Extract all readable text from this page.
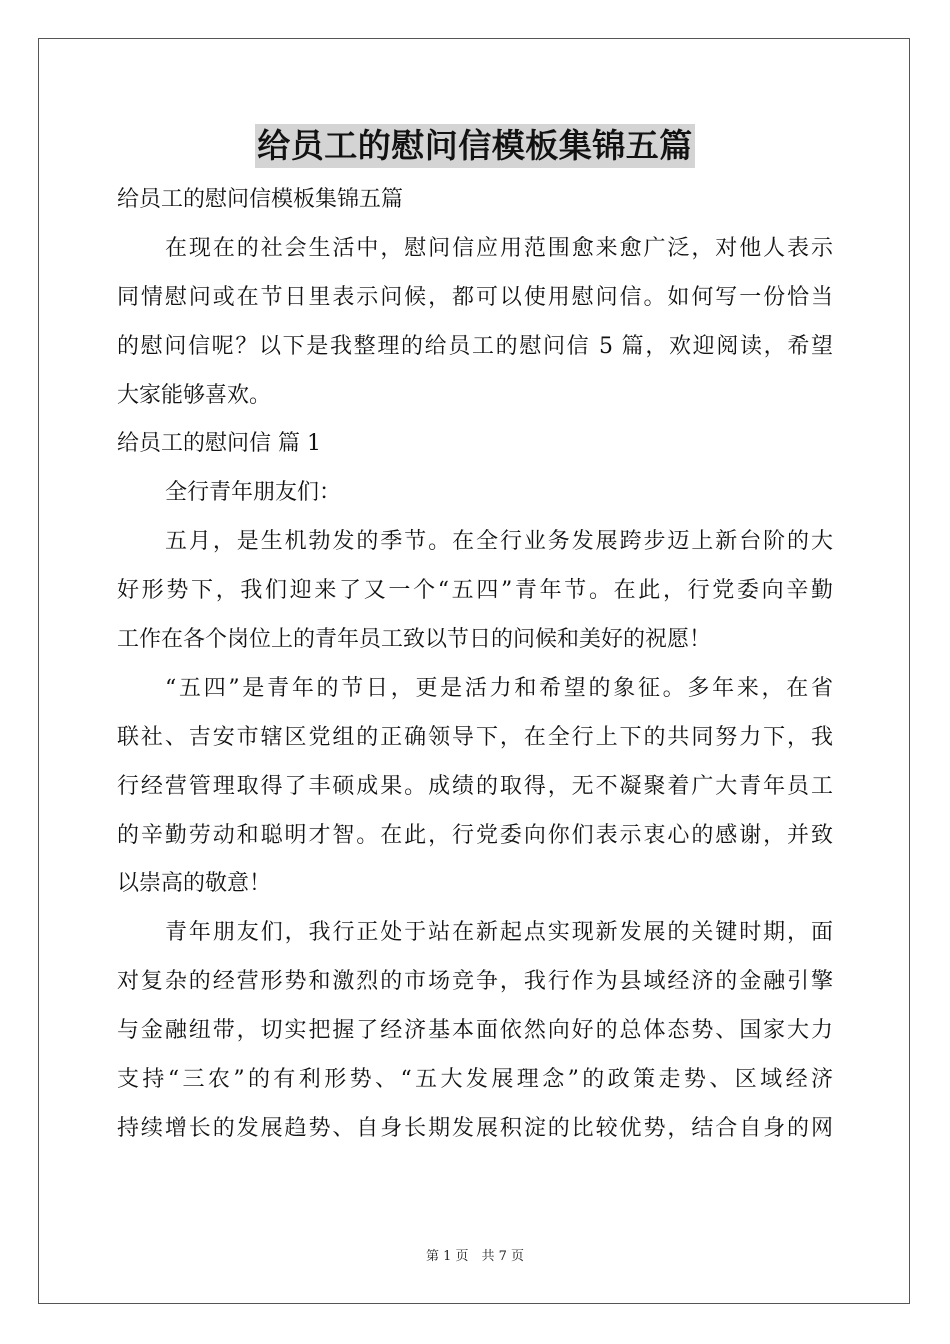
给员工的慰问信模板集锦五篇
给员工的慰问信模板集锦五篇
在现在的社会生活中，慰问信应用范围愈来愈广泛，对他人表示
同情慰问或在节日里表示问候，都可以使用慰问信。如何写一份恰当
的慰问信呢？以下是我整理的给员工的慰问信 5 篇，欢迎阅读，希望
大家能够喜欢。
给员工的慰问信 篇 1
全行青年朋友们：
五月，是生机勃发的季节。在全行业务发展跨步迈上新台阶的大
好形势下，我们迎来了又一个“五四”青年节。在此，行党委向辛勤
工作在各个岗位上的青年员工致以节日的问候和美好的祝愿！
“五四”是青年的节日，更是活力和希望的象征。多年来，在省
联社、吉安市辖区党组的正确领导下，在全行上下的共同努力下，我
行经营管理取得了丰硕成果。成绩的取得，无不凝聚着广大青年员工
的辛勤劳动和聪明才智。在此，行党委向你们表示衷心的感谢，并致
以崇高的敬意！
青年朋友们，我行正处于站在新起点实现新发展的关键时期，面
对复杂的经营形势和激烈的市场竞争，我行作为县域经济的金融引擎
与金融纽带，切实把握了经济基本面依然向好的总体态势、国家大力
支持“三农”的有利形势、“五大发展理念”的政策走势、区域经济
持续增长的发展趋势、自身长期发展积淀的比较优势，结合自身的网
第 1 页　共 7 页
